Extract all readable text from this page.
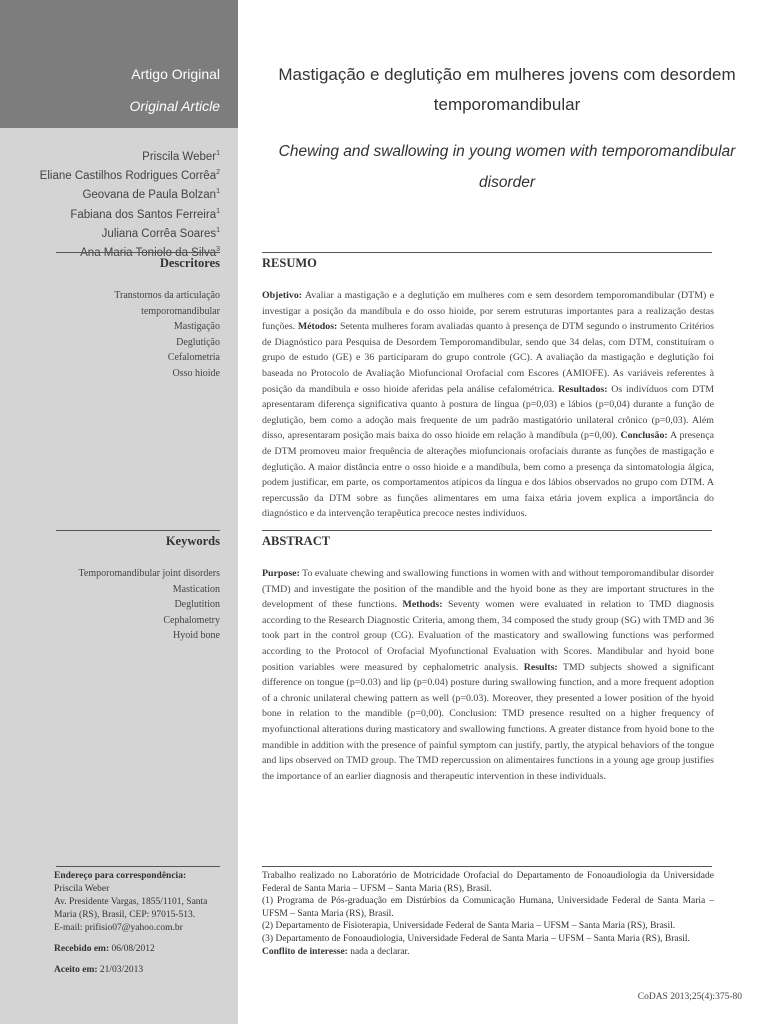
Artigo Original
Original Article
Priscila Weber$^1$
Eliane Castilhos Rodrigues Corrêa$^2$
Geovana de Paula Bolzan$^1$
Fabiana dos Santos Ferreira$^1$
Juliana Corrêa Soares$^1$
Ana Maria Toniolo da Silva$^3$
Descritores
Transtornos da articulação
temporomandibular
Mastigação
Deglutição
Cefalometria
Osso hioide
Keywords
Temporomandibular joint disorders
Mastication
Deglutition
Cephalometry
Hyoid bone

Endereço para correspondência:

Priscila Weber

Av. Presidente Vargas, 1855/1101, Santa Maria (RS), Brasil, CEP: 97015-513.

E-mail: prifisio07@yahoo.com.br

Recebido em: 06/08/2012

Aceito em: 21/03/2013

Mastigação e deglutição em mulheres jovens com desordem temporomandibular
Chewing and swallowing in young women with temporomandibular disorder
RESUMO
Objetivo: Avaliar a mastigação e a deglutição em mulheres com e sem desordem temporomandibular (DTM) e investigar a posição da mandíbula e do osso hioide, por serem estruturas importantes para a realização destas funções. Métodos: Setenta mulheres foram avaliadas quanto à presença de DTM segundo o instrumento Critérios de Diagnóstico para Pesquisa de Desordem Temporomandibular, sendo que 34 delas, com DTM, constituíram o grupo de estudo (GE) e 36 participaram do grupo controle (GC). A avaliação da mastigação e deglutição foi baseada no Protocolo de Avaliação Miofuncional Orofacial com Escores (AMIOFE). As variáveis referentes à posição da mandíbula e osso hioide aferidas pela análise cefalométrica. Resultados: Os indivíduos com DTM apresentaram diferença significativa quanto à postura de língua (p=0,03) e lábios (p=0,04) durante a função de deglutição, bem como a adoção mais frequente de um padrão mastigatório unilateral crônico (p=0,03). Além disso, apresentaram posição mais baixa do osso hioide em relação à mandíbula (p=0,00). Conclusão: A presença de DTM promoveu maior frequência de alterações miofuncionais orofaciais durante as funções de mastigação e deglutição. A maior distância entre o osso hioide e a mandíbula, bem como a presença da sintomatologia álgica, podem justificar, em parte, os comportamentos atípicos da língua e dos lábios observados no grupo com DTM. A repercussão da DTM sobre as funções alimentares em uma faixa etária jovem explica a importância do diagnóstico e da intervenção terapêutica precoce nestes indivíduos.
ABSTRACT
Purpose: To evaluate chewing and swallowing functions in women with and without temporomandibular disorder (TMD) and investigate the position of the mandible and the hyoid bone as they are important structures in the development of these functions. Methods: Seventy women were evaluated in relation to TMD diagnosis according to the Research Diagnostic Criteria, among them, 34 composed the study group (SG) with TMD and 36 took part in the control group (CG). Evaluation of the masticatory and swallowing functions was performed according to the Protocol of Orofacial Myofunctional Evaluation with Scores. Mandibular and hyoid bone position variables were measured by cephalometric analysis. Results: TMD subjects showed a significant difference on tongue (p=0.03) and lip (p=0.04) posture during swallowing function, and a more frequent adoption of a chronic unilateral chewing pattern as well (p=0.03). Moreover, they presented a lower position of the hyoid bone in relation to the mandible (p=0,00). Conclusion: TMD presence resulted on a higher frequency of myofunctional alterations during masticatory and swallowing functions. A greater distance from hyoid bone to the mandible in addition with the presence of painful symptom can justify, partly, the atypical behaviors of the tongue and lips observed on TMD group. The TMD repercussion on alimentaires functions in a young age group justifies the importance of an earlier diagnosis and therapeutic intervention in these individuals.

Trabalho realizado no Laboratório de Motricidade Orofacial do Departamento de Fonoaudiologia da Universidade Federal de Santa Maria – UFSM – Santa Maria (RS), Brasil.

(1) Programa de Pós-graduação em Distúrbios da Comunicação Humana, Universidade Federal de Santa Maria – UFSM – Santa Maria (RS), Brasil.

(2) Departamento de Fisioterapia, Universidade Federal de Santa Maria – UFSM – Santa Maria (RS), Brasil.

(3) Departamento de Fonoaudiologia, Universidade Federal de Santa Maria – UFSM – Santa Maria (RS), Brasil.

Conflito de interesse: nada a declarar.

CoDAS 2013;25(4):375-80
